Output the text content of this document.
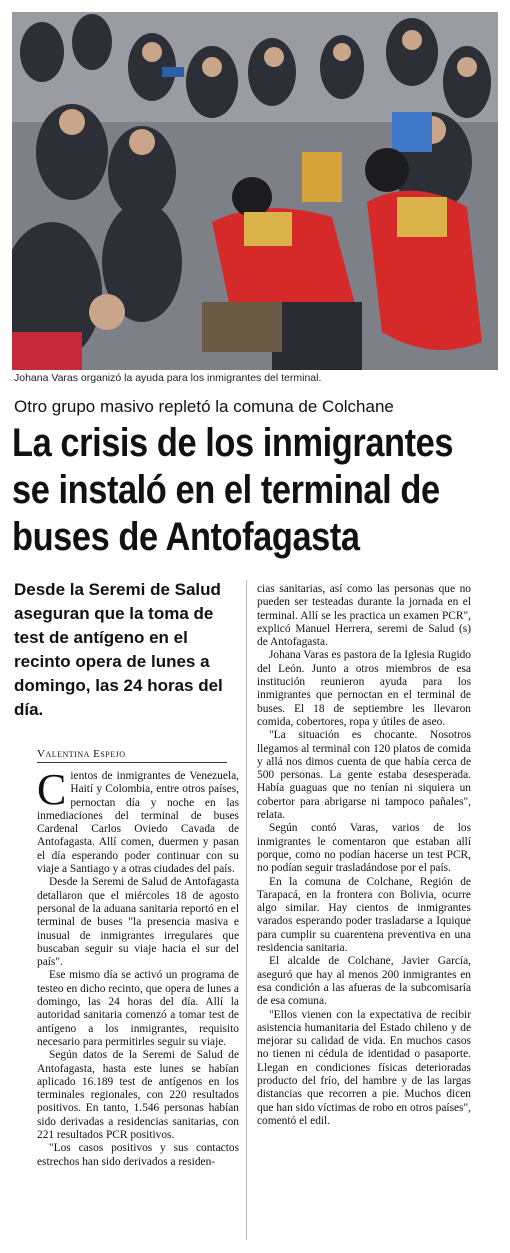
Johana Varas organizó la ayuda para los inmigrantes del terminal.
Otro grupo masivo repletó la comuna de Colchane
La crisis de los inmigrantes
se instaló en el terminal de
buses de Antofagasta
Desde la Seremi de Salud aseguran que la toma de test de antígeno en el recinto opera de lunes a domingo, las 24 horas del día.
Valentina Espejo

Cientos de inmigrantes de Venezuela, Haití y Colombia, entre otros países, pernoctan día y noche en las inmediaciones del terminal de buses Cardenal Carlos Oviedo Cavada de Antofagasta. Allí comen, duermen y pasan el día esperando poder continuar con su viaje a Santiago y a otras ciudades del país.

Desde la Seremi de Salud de Antofagasta detallaron que el miércoles 18 de agosto personal de la aduana sanitaria reportó en el terminal de buses "la presencia masiva e inusual de inmigrantes irregulares que buscaban seguir su viaje hacia el sur del país".

Ese mismo día se activó un programa de testeo en dicho recinto, que opera de lunes a domingo, las 24 horas del día. Allí la autoridad sanitaria comenzó a tomar test de antígeno a los inmigrantes, requisito necesario para permitirles seguir su viaje.

Según datos de la Seremi de Salud de Antofagasta, hasta este lunes se habían aplicado 16.189 test de antígenos en los terminales regionales, con 220 resultados positivos. En tanto, 1.546 personas habían sido derivadas a residencias sanitarias, con 221 resultados PCR positivos.

"Los casos positivos y sus contactos estrechos han sido derivados a residen-

cias sanitarias, así como las personas que no pueden ser testeadas durante la jornada en el terminal. Allí se les practica un examen PCR", explicó Manuel Herrera, seremi de Salud (s) de Antofagasta.

Johana Varas es pastora de la Iglesia Rugido del León. Junto a otros miembros de esa institución reunieron ayuda para los inmigrantes que pernoctan en el terminal de buses. El 18 de septiembre les llevaron comida, cobertores, ropa y útiles de aseo.

"La situación es chocante. Nosotros llegamos al terminal con 120 platos de comida y allá nos dimos cuenta de que había cerca de 500 personas. La gente estaba desesperada. Había guaguas que no tenían ni siquiera un cobertor para abrigarse ni tampoco pañales", relata.

Según contó Varas, varios de los inmigrantes le comentaron que estaban allí porque, como no podían hacerse un test PCR, no podían seguir trasladándose por el país.

En la comuna de Colchane, Región de Tarapacá, en la frontera con Bolivia, ocurre algo similar. Hay cientos de inmigrantes varados esperando poder trasladarse a Iquique para cumplir su cuarentena preventiva en una residencia sanitaria.

El alcalde de Colchane, Javier García, aseguró que hay al menos 200 inmigrantes en esa condición a las afueras de la subcomisaría de esa comuna.

"Ellos vienen con la expectativa de recibir asistencia humanitaria del Estado chileno y de mejorar su calidad de vida. En muchos casos no tienen ni cédula de identidad o pasaporte. Llegan en condiciones físicas deterioradas producto del frío, del hambre y de las largas distancias que recorren a pie. Muchos dicen que han sido víctimas de robo en otros países", comentó el edil.
